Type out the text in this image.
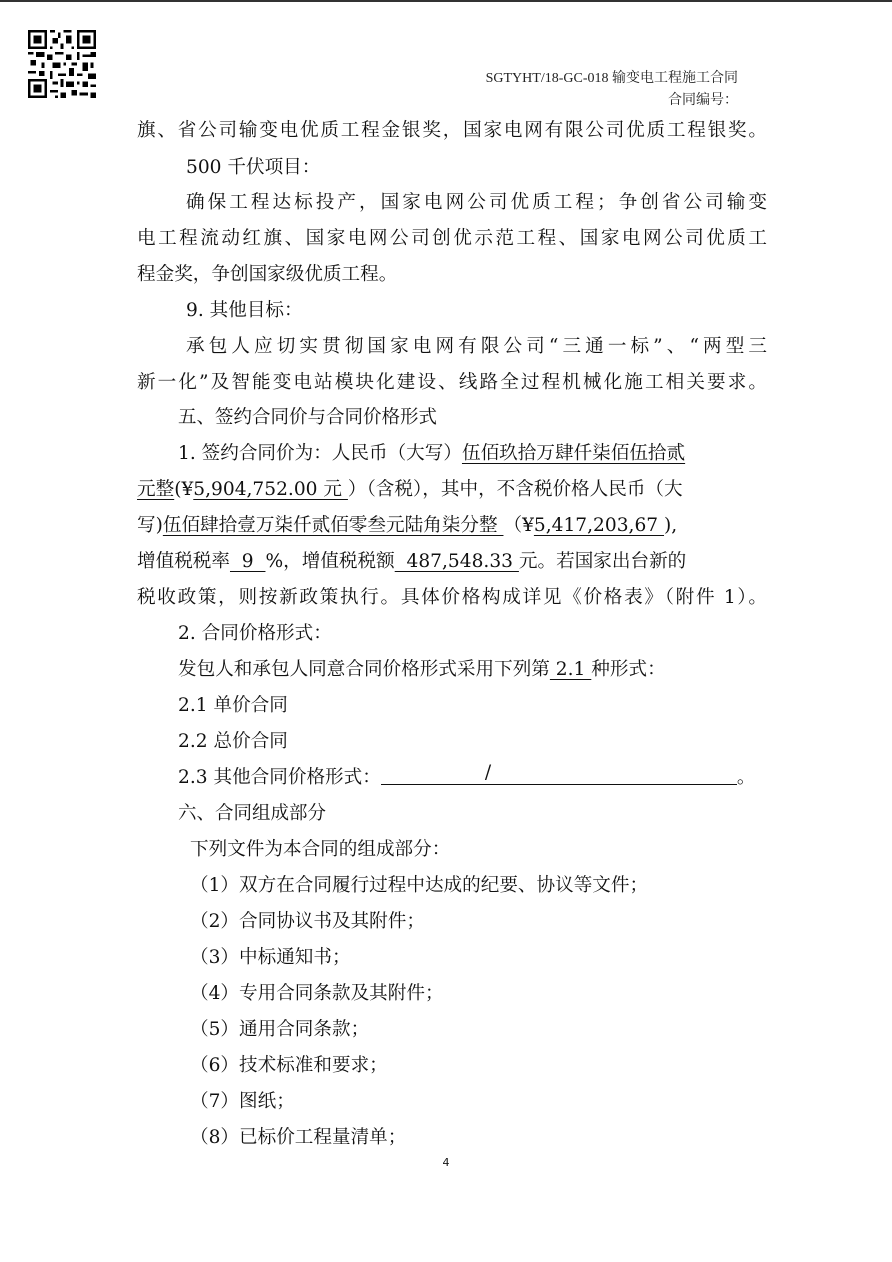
SGTYHT/18-GC-018 输变电工程施工合同
合同编号：
旗、省公司输变电优质工程金银奖，国家电网有限公司优质工程银奖。
500 千伏项目：
确保工程达标投产，国家电网公司优质工程；争创省公司输变
电工程流动红旗、国家电网公司创优示范工程、国家电网公司优质工
程金奖，争创国家级优质工程。
9. 其他目标：
承包人应切实贯彻国家电网有限公司“三通一标”、“两型三
新一化”及智能变电站模块化建设、线路全过程机械化施工相关要求。
五、签约合同价与合同价格形式
1. 签约合同价为：人民币（大写）伍佰玖拾万肆仟柒佰伍拾贰
元整(¥5,904,752.00 元 ）（含税），其中，不含税价格人民币（大
写)伍佰肆拾壹万柒仟贰佰零叁元陆角柒分整 （¥5,417,203,67 ),
增值税税率  9  %，增值税税额  487,548.33 元。若国家出台新的
税收政策，则按新政策执行。具体价格构成详见《价格表》（附件 1）。
2. 合同价格形式：
发包人和承包人同意合同价格形式采用下列第 2.1 种形式：
2.1 单价合同
2.2 总价合同
2.3 其他合同价格形式：	/	。
六、合同组成部分
下列文件为本合同的组成部分：
（1）双方在合同履行过程中达成的纪要、协议等文件；
（2）合同协议书及其附件；
（3）中标通知书；
（4）专用合同条款及其附件；
（5）通用合同条款；
（6）技术标准和要求；
（7）图纸；
（8）已标价工程量清单；
4
